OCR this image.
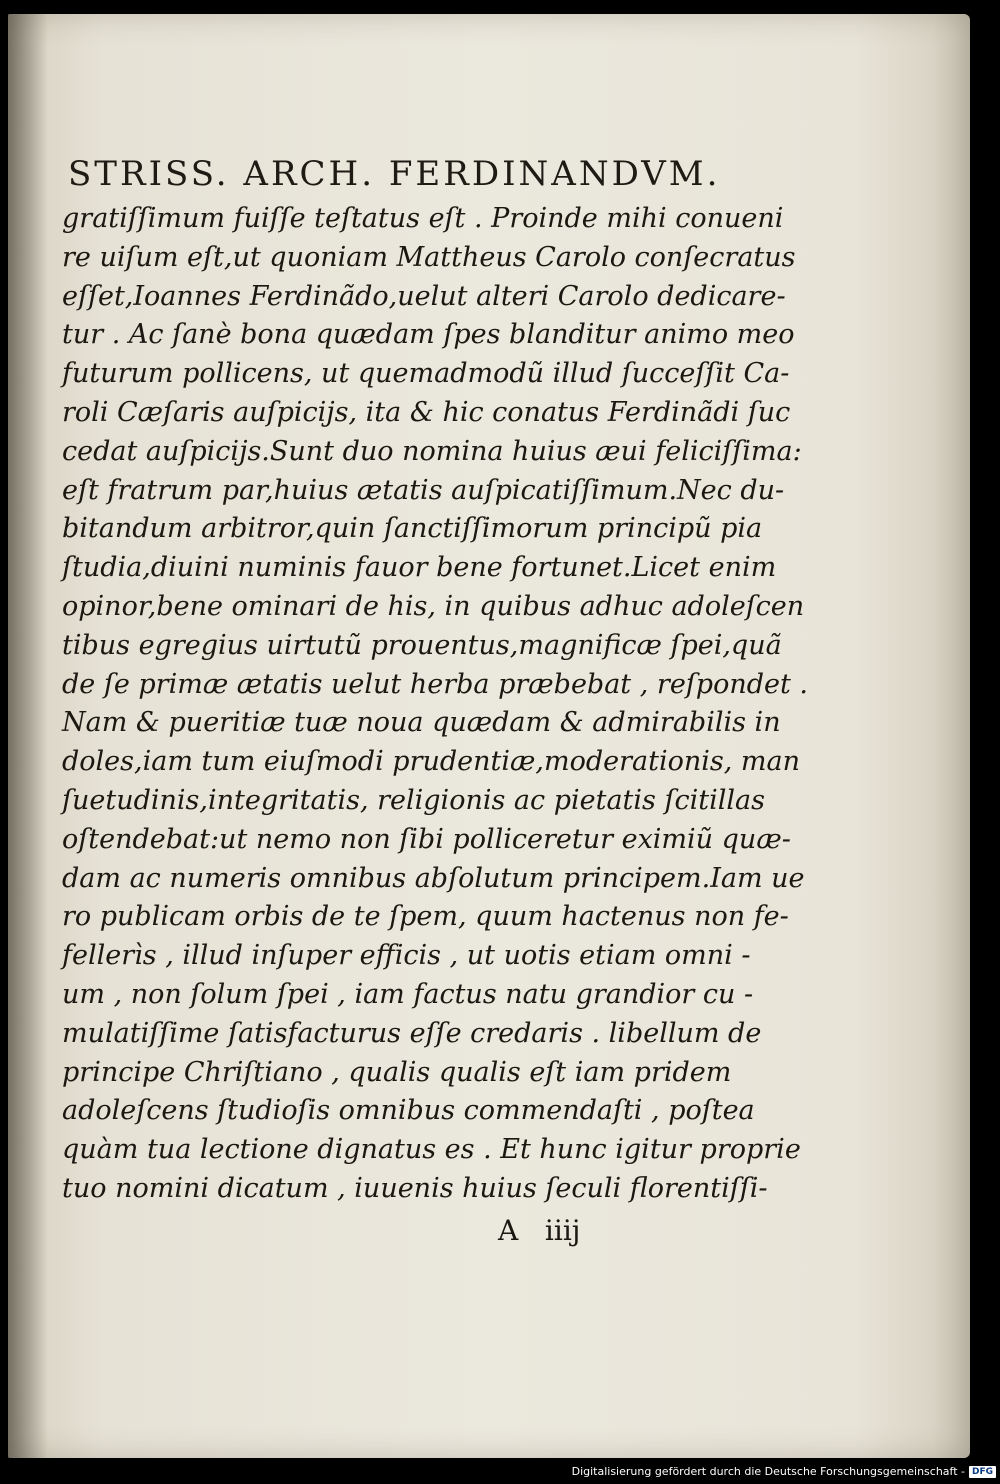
STRISS. ARCH. FERDINANDVM.
gratiſſimum fuiſſe teſtatus eſt . Proinde mihi conueni
re uiſum eſt,ut quoniam Mattheus Carolo conſecratus
eſſet,Ioannes Ferdinãdo,uelut alteri Carolo dedicare-
tur . Ac ſanè bona quædam ſpes blanditur animo meo
futurum pollicens, ut quemadmodũ illud ſucceſſit Ca-
roli Cæſaris auſpicijs, ita & hic conatus Ferdinãdi ſuc
cedat auſpicijs.Sunt duo nomina huius æui feliciſſima:
eſt fratrum par,huius ætatis auſpicatiſſimum.Nec du-
bitandum arbitror,quin ſanctiſſimorum principũ pia
ſtudia,diuini numinis fauor bene fortunet.Licet enim
opinor,bene ominari de his, in quibus adhuc adoleſcen
tibus egregius uirtutũ prouentus,magnificæ ſpei,quã
de ſe primæ ætatis uelut herba præbebat , reſpondet .
Nam & pueritiæ tuæ noua quædam & admirabilis in
doles,iam tum eiuſmodi prudentiæ,moderationis, man
ſuetudinis,integritatis, religionis ac pietatis ſcitillas
oſtendebat:ut nemo non ſibi polliceretur eximiũ quæ-
dam ac numeris omnibus abſolutum principem.Iam ue
ro publicam orbis de te ſpem, quum hactenus non fe-
fellerìs , illud inſuper efficis , ut uotis etiam omni -
um , non ſolum ſpei , iam factus natu grandior cu -
mulatiſſime ſatisfacturus eſſe credaris . libellum de
principe Chriſtiano , qualis qualis eſt iam pridem
adoleſcens ſtudioſis omnibus commendaſti , poſtea
quàm tua lectione dignatus es . Et hunc igitur proprie
tuo nomini dicatum , iuuenis huius ſeculi florentiſſi-
A   iiij
Digitalisierung gefördert durch die Deutsche Forschungsgemeinschaft - DFG
